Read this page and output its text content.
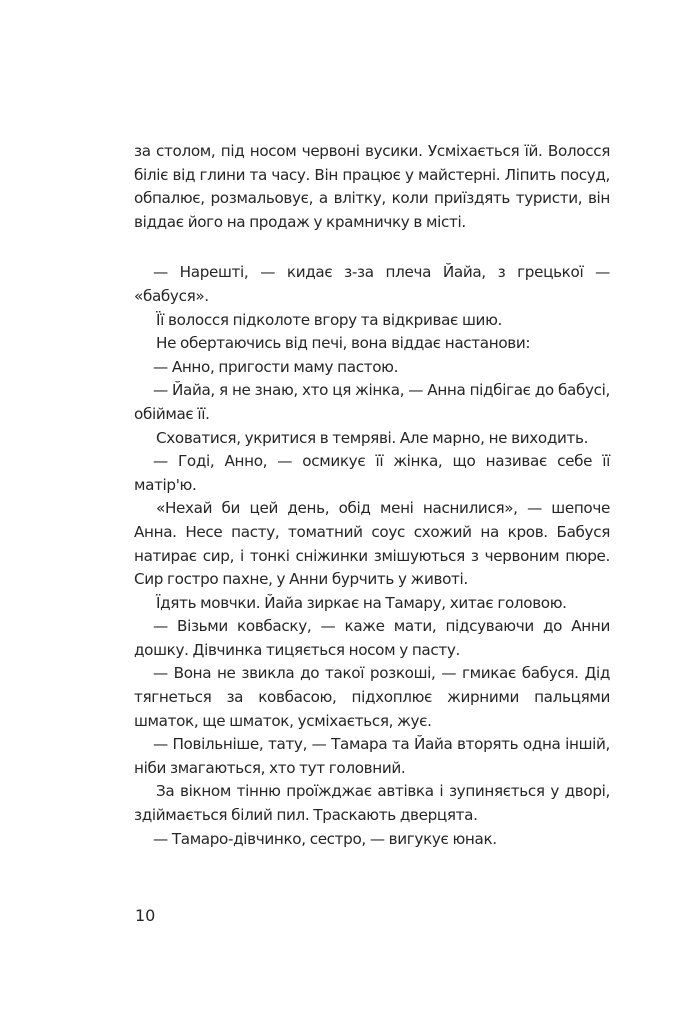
за столом, під носом червоні вусики. Усміхається їй. Волосся біліє від глини та часу. Він працює у майстерні. Ліпить посуд, обпалює, розмальовує, а влітку, коли приїздять туристи, він віддає його на продаж у крамничку в місті.

— Нарешті, — кидає з-за плеча Йайа, з грецької — «бабуся».

Її волосся підколоте вгору та відкриває шию.

Не обертаючись від печі, вона віддає настанови:

— Анно, пригости маму пастою.

— Йайа, я не знаю, хто ця жінка, — Анна підбігає до бабусі, обіймає її.

Сховатися, укритися в темряві. Але марно, не виходить.

— Годі, Анно, — осмикує її жінка, що називає себе її матір'ю.

«Нехай би цей день, обід мені наснилися», — шепоче Анна. Несе пасту, томатний соус схожий на кров. Бабуся натирає сир, і тонкі сніжинки змішуються з червоним пюре. Сир гостро пахне, у Анни бурчить у животі.

Їдять мовчки. Йайа зиркає на Тамару, хитає головою.

— Візьми ковбаску, — каже мати, підсуваючи до Анни дошку. Дівчинка тицяється носом у пасту.

— Вона не звикла до такої розкоші, — гмикає бабуся. Дід тягнеться за ковбасою, підхоплює жирними пальцями шматок, ще шматок, усміхається, жує.

— Повільніше, тату, — Тамара та Йайа вторять одна іншій, ніби змагаються, хто тут головний.

За вікном тінню проїжджає автівка і зупиняється у дворі, здіймається білий пил. Траскають дверцята.

— Тамаро-дівчинко, сестро, — вигукує юнак.

10
